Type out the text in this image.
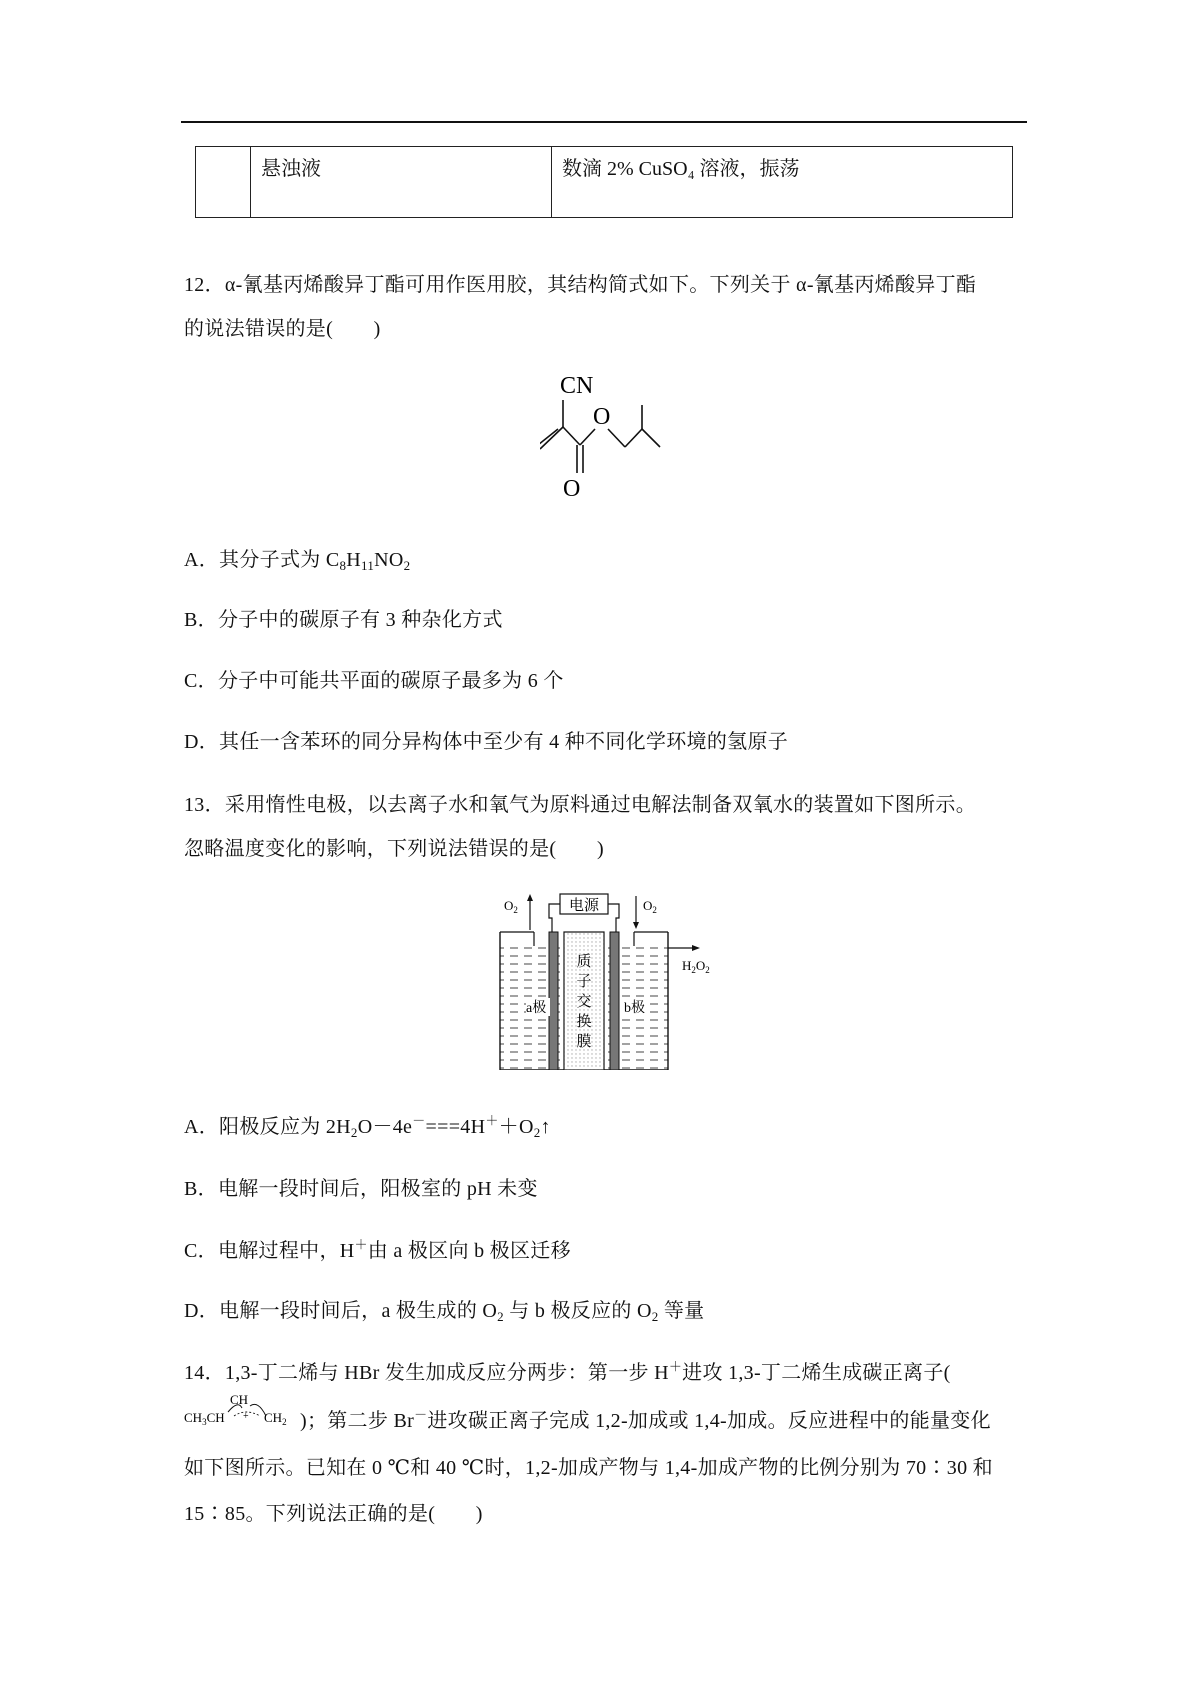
	悬浊液	数滴 2% CuSO₄ 溶液，振荡
12．α-氰基丙烯酸异丁酯可用作医用胶，其结构简式如下。下列关于 α-氰基丙烯酸异丁酯
的说法错误的是(　　)
CN
O
O
A．其分子式为 $C_8H_{11}NO_2$
B．分子中的碳原子有 3 种杂化方式
C．分子中可能共平面的碳原子最多为 6 个
D．其任一含苯环的同分异构体中至少有 4 种不同化学环境的氢原子
13．采用惰性电极，以去离子水和氧气为原料通过电解法制备双氧水的装置如下图所示。
忽略温度变化的影响，下列说法错误的是(　　)
电源
$O_2$	$O_2$
质
子
交
换
膜
a极	b极
$H_2O_2$
A．阳极反应为 $2H_2O-4e^-===4H^++O_2↑$
B．电解一段时间后，阳极室的 pH 未变
C．电解过程中，H＋由 a 极区向 b 极区迁移
D．电解一段时间后，a 极生成的 $O_2$ 与 b 极反应的 $O_2$ 等量
14．1,3-丁二烯与 HBr 发生加成反应分两步：第一步 H＋进攻 1,3-丁二烯生成碳正离子(
CH
$CH_3CH + CH_2$ )；第二步 Br－进攻碳正离子完成 1,2-加成或 1,4-加成。反应进程中的能量变化
如下图所示。已知在 0 ℃和 40 ℃时，1,2-加成产物与 1,4-加成产物的比例分别为 70∶30 和
15∶85。下列说法正确的是(　　)
